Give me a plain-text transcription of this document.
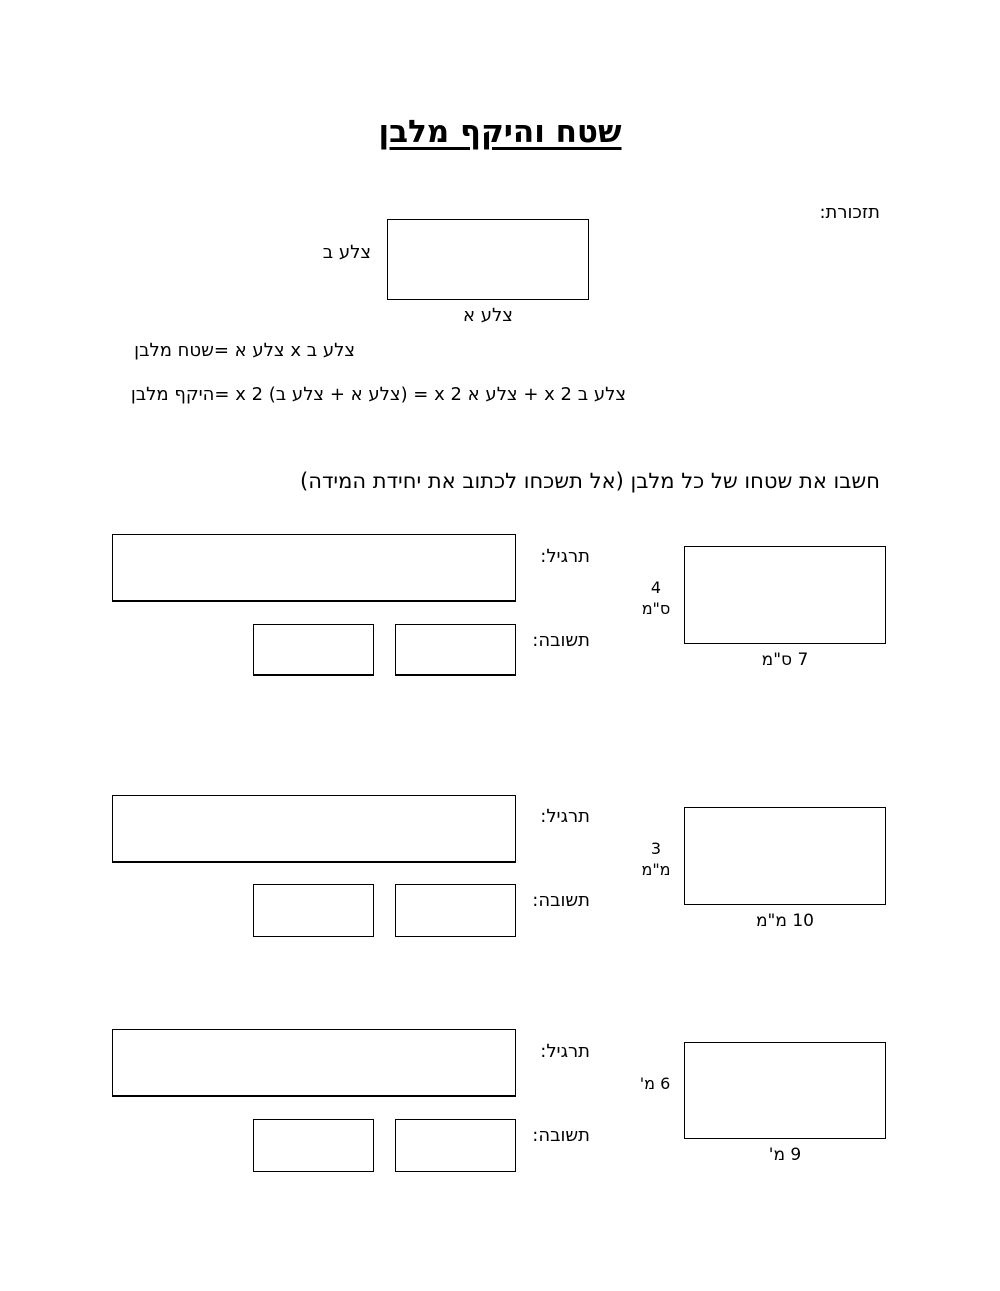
שטח והיקף מלבן
תזכורת:
צלע ב
צלע א
צלע ב x צלע א =שטח מלבן
צלע ב x 2 + צלע א x 2 = (צלע א + צלע ב) x 2 =היקף מלבן
חשבו את שטחו של כל מלבן (אל תשכחו לכתוב את יחידת המידה)
4
ס"מ
7 ס"מ
תרגיל:
תשובה:
3
מ"מ
10 מ"מ
תרגיל:
תשובה:
6 מ'
9 מ'
תרגיל:
תשובה:
